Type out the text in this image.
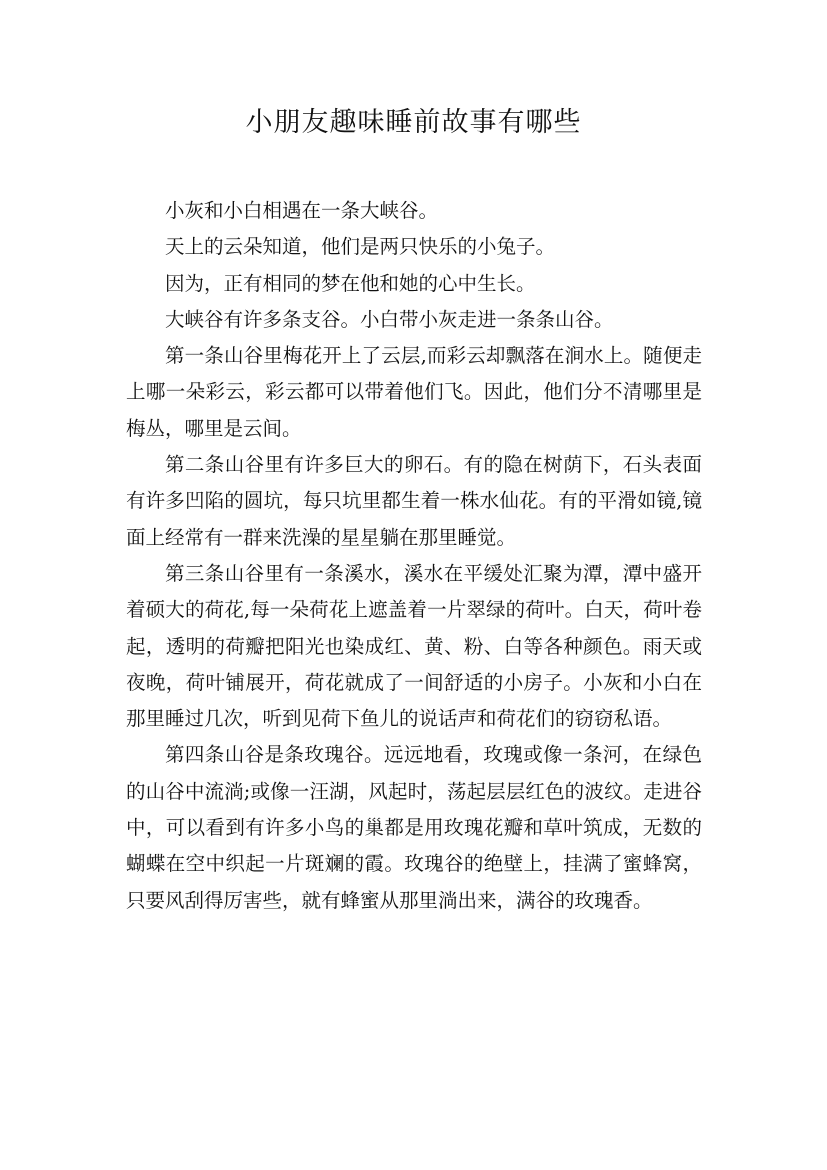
小朋友趣味睡前故事有哪些

小灰和小白相遇在一条大峡谷。

天上的云朵知道，他们是两只快乐的小兔子。

因为，正有相同的梦在他和她的心中生长。

大峡谷有许多条支谷。小白带小灰走进一条条山谷。

第一条山谷里梅花开上了云层,而彩云却飘落在涧水上。随便走上哪一朵彩云，彩云都可以带着他们飞。因此，他们分不清哪里是梅丛，哪里是云间。

第二条山谷里有许多巨大的卵石。有的隐在树荫下，石头表面有许多凹陷的圆坑，每只坑里都生着一株水仙花。有的平滑如镜,镜面上经常有一群来洗澡的星星躺在那里睡觉。

第三条山谷里有一条溪水，溪水在平缓处汇聚为潭，潭中盛开着硕大的荷花,每一朵荷花上遮盖着一片翠绿的荷叶。白天，荷叶卷起，透明的荷瓣把阳光也染成红、黄、粉、白等各种颜色。雨天或夜晚，荷叶铺展开，荷花就成了一间舒适的小房子。小灰和小白在那里睡过几次，听到见荷下鱼儿的说话声和荷花们的窃窃私语。

第四条山谷是条玫瑰谷。远远地看，玫瑰或像一条河，在绿色的山谷中流淌;或像一汪湖，风起时，荡起层层红色的波纹。走进谷中，可以看到有许多小鸟的巢都是用玫瑰花瓣和草叶筑成，无数的蝴蝶在空中织起一片斑斓的霞。玫瑰谷的绝壁上，挂满了蜜蜂窝，只要风刮得厉害些，就有蜂蜜从那里淌出来，满谷的玫瑰香。
